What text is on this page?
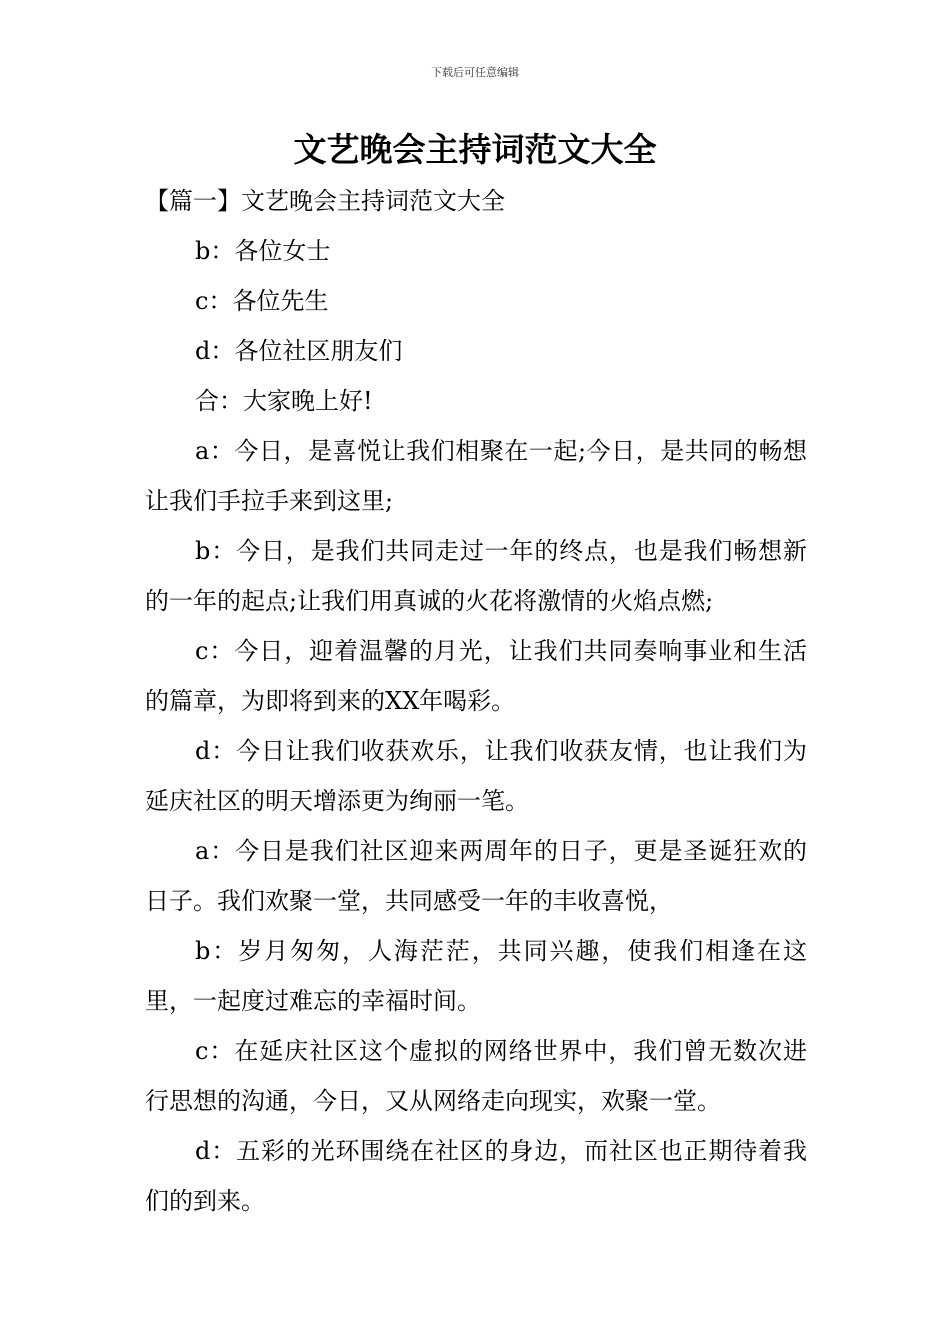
下载后可任意编辑
文艺晚会主持词范文大全

【篇一】文艺晚会主持词范文大全

b：各位女士

c：各位先生

d：各位社区朋友们

合：大家晚上好!

a：今日，是喜悦让我们相聚在一起;今日，是共同的畅想让我们手拉手来到这里;

b：今日，是我们共同走过一年的终点，也是我们畅想新的一年的起点;让我们用真诚的火花将激情的火焰点燃;

c：今日，迎着温馨的月光，让我们共同奏响事业和生活的篇章，为即将到来的XX年喝彩。

d：今日让我们收获欢乐，让我们收获友情，也让我们为延庆社区的明天增添更为绚丽一笔。

a：今日是我们社区迎来两周年的日子，更是圣诞狂欢的日子。我们欢聚一堂，共同感受一年的丰收喜悦，

b：岁月匆匆，人海茫茫，共同兴趣，使我们相逢在这里，一起度过难忘的幸福时间。

c：在延庆社区这个虚拟的网络世界中，我们曾无数次进行思想的沟通，今日，又从网络走向现实，欢聚一堂。

d：五彩的光环围绕在社区的身边，而社区也正期待着我们的到来。
